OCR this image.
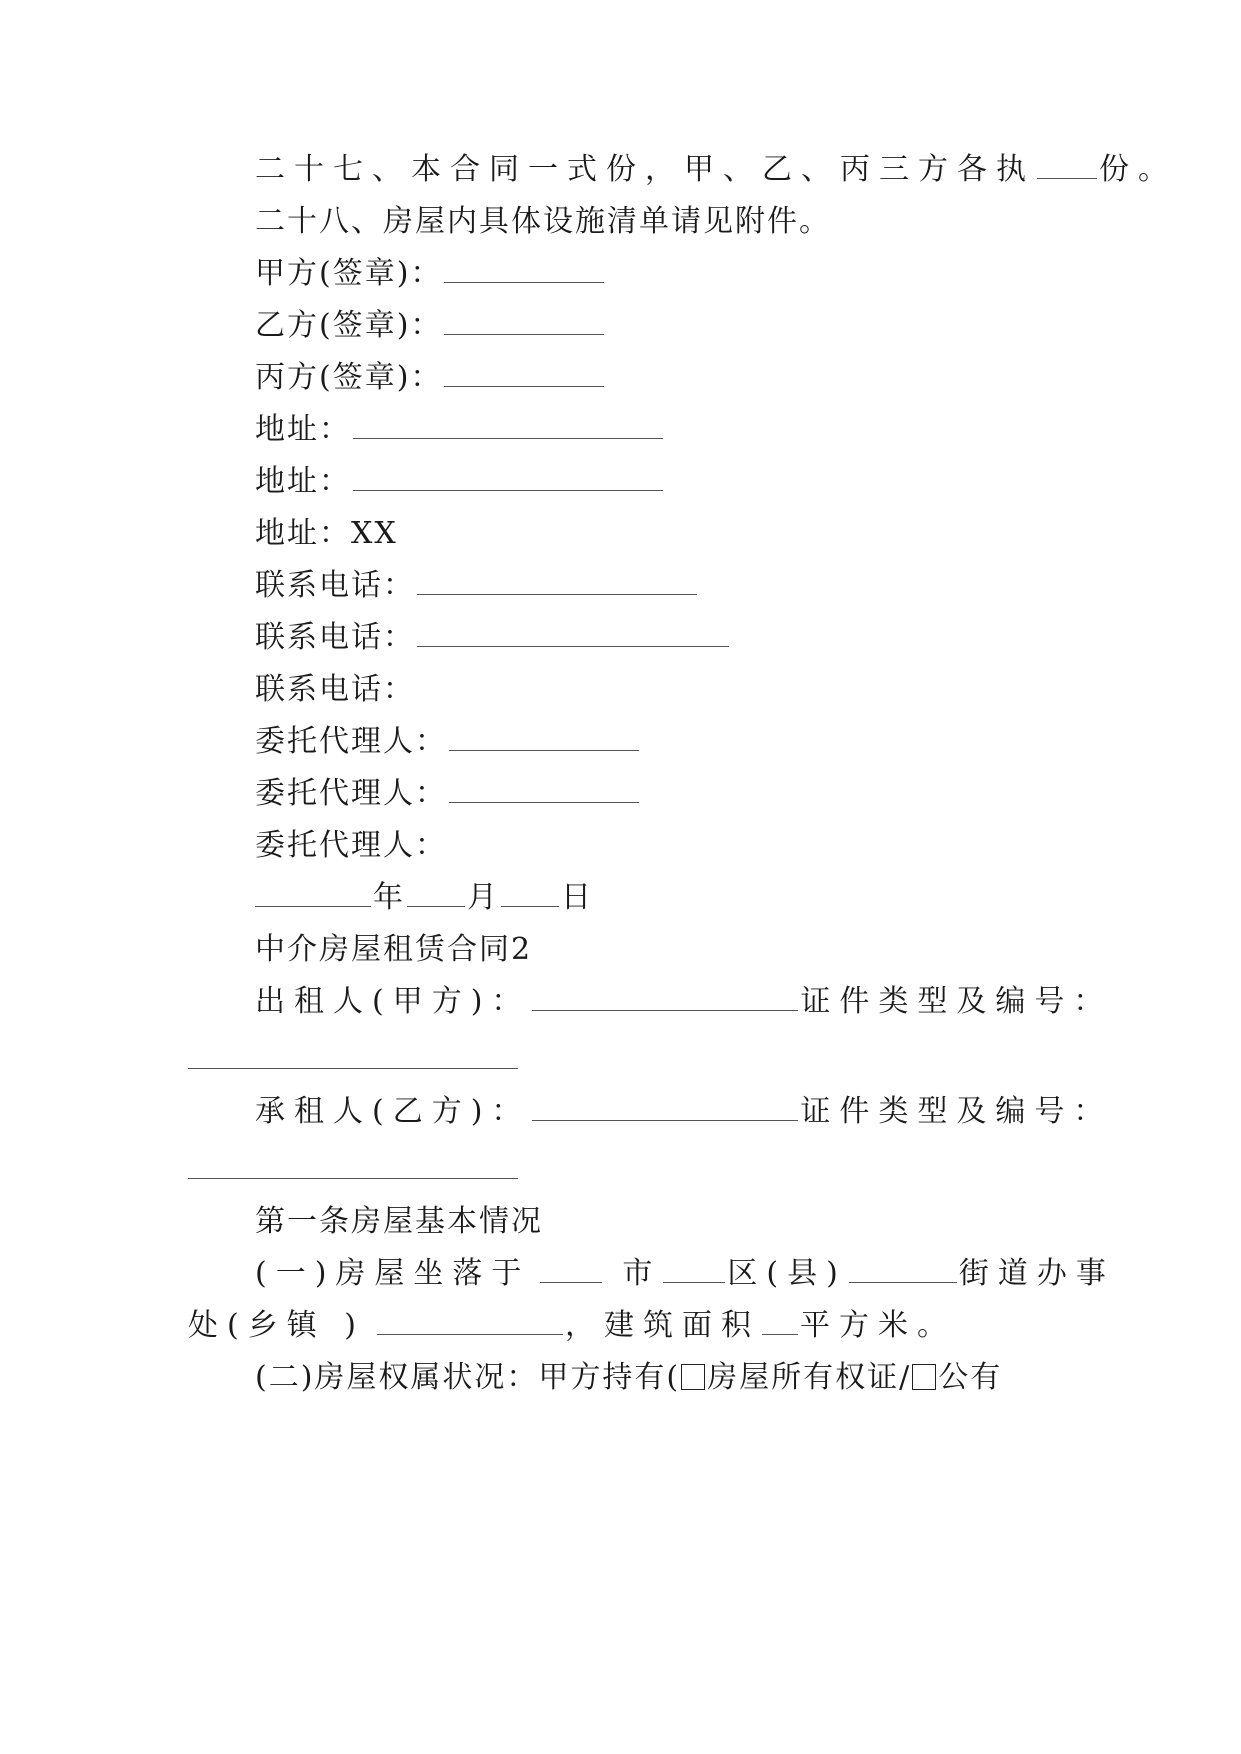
二十七、本合同一式份，甲、乙、丙三方各执 份。
二十八、房屋内具体设施清单请见附件。
甲方(签章)：
乙方(签章)：
丙方(签章)：
地址：
地址：
地址：XX
联系电话：
联系电话：
联系电话：
委托代理人：
委托代理人：
委托代理人：
年 月 日
中介房屋租赁合同2
出租人(甲方)：	证件类型及编号：
承租人(乙方)：	证件类型及编号：
第一条房屋基本情况
(一)房屋坐落于	市 区(县)	街道办事
处(乡镇 )	，建筑面积 平方米。
(二)房屋权属状况：甲方持有( 房屋所有权证/ 公有
